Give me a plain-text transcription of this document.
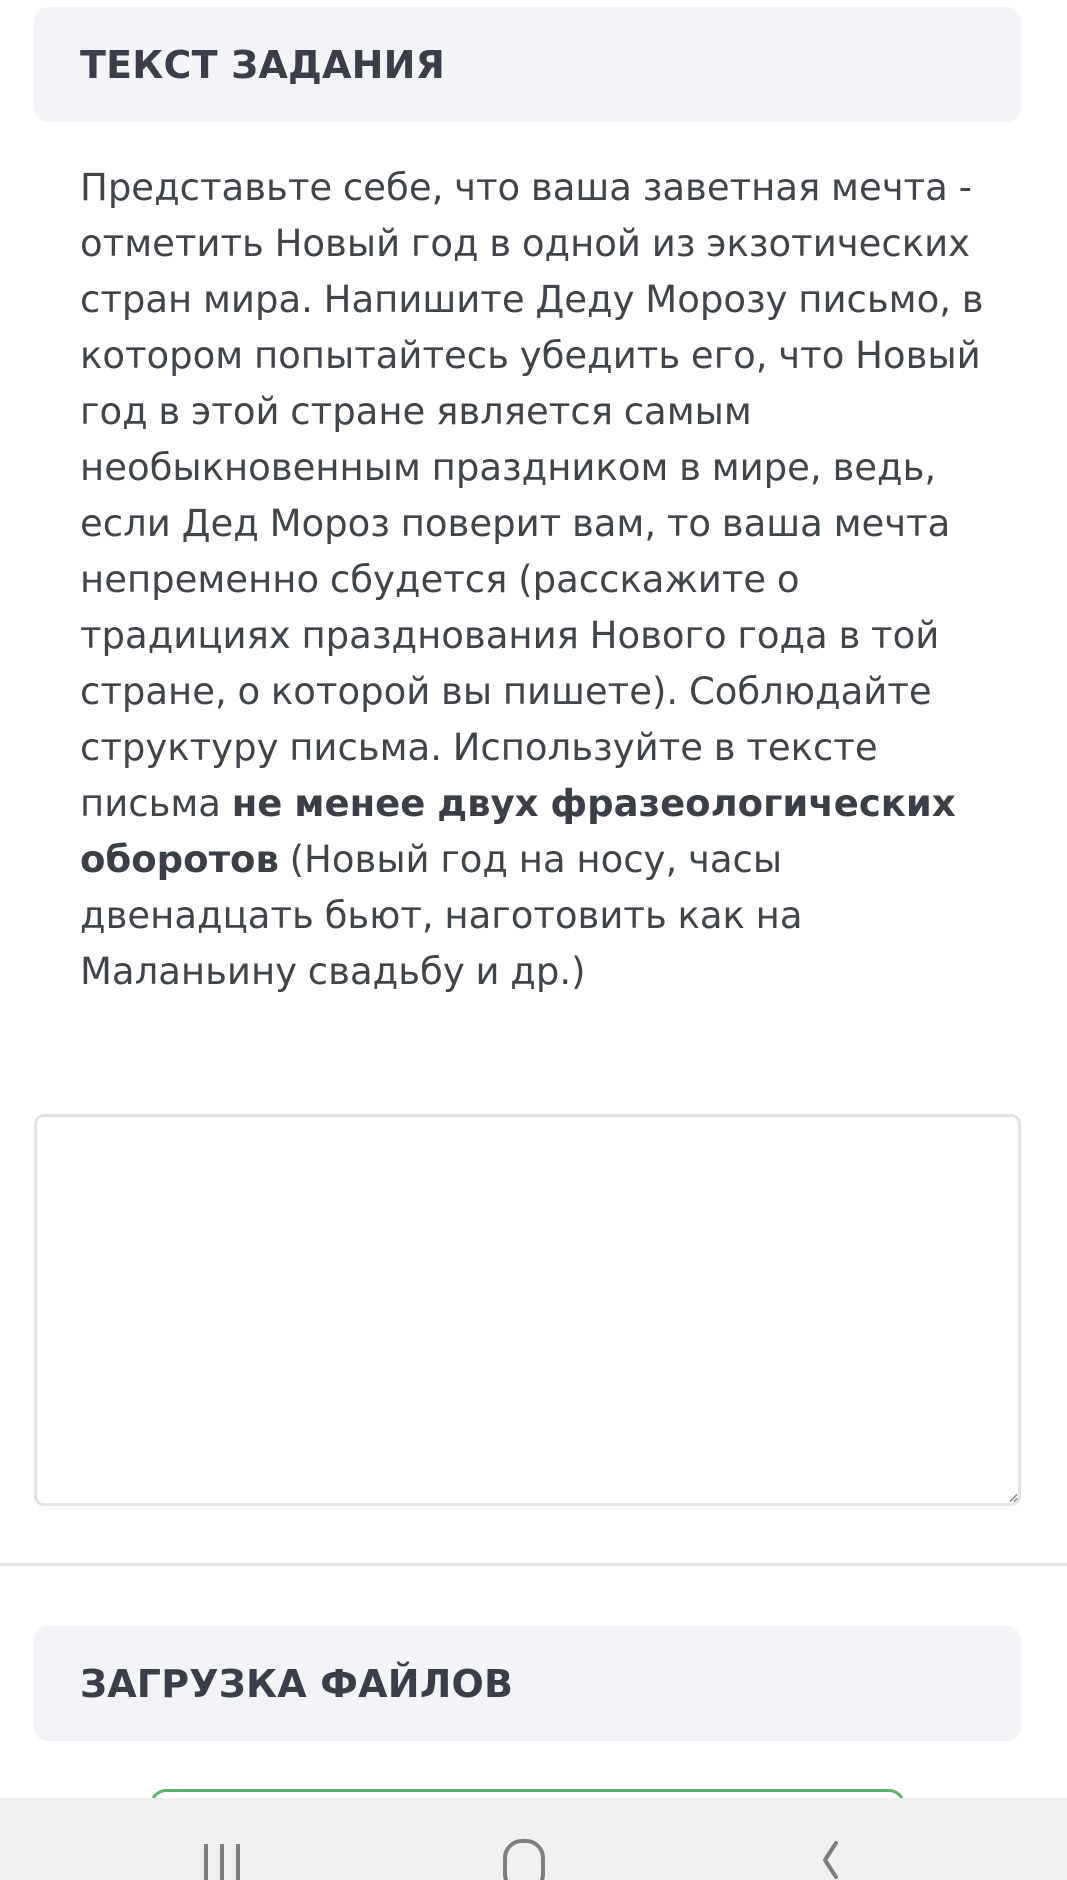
ТЕКСТ ЗАДАНИЯ
Представьте себе, что ваша заветная мечта - отметить Новый год в одной из экзотических стран мира. Напишите Деду Морозу письмо, в котором попытайтесь убедить его, что Новый год в этой стране является самым необыкновенным праздником в мире, ведь, если Дед Мороз поверит вам, то ваша мечта непременно сбудется (расскажите о традициях празднования Нового года в той стране, о которой вы пишете). Соблюдайте структуру письма. Используйте в тексте письма не менее двух фразеологических оборотов (Новый год на носу, часы двенадцать бьют, наготовить как на Маланьину свадьбу и др.)
ЗАГРУЗКА ФАЙЛОВ
